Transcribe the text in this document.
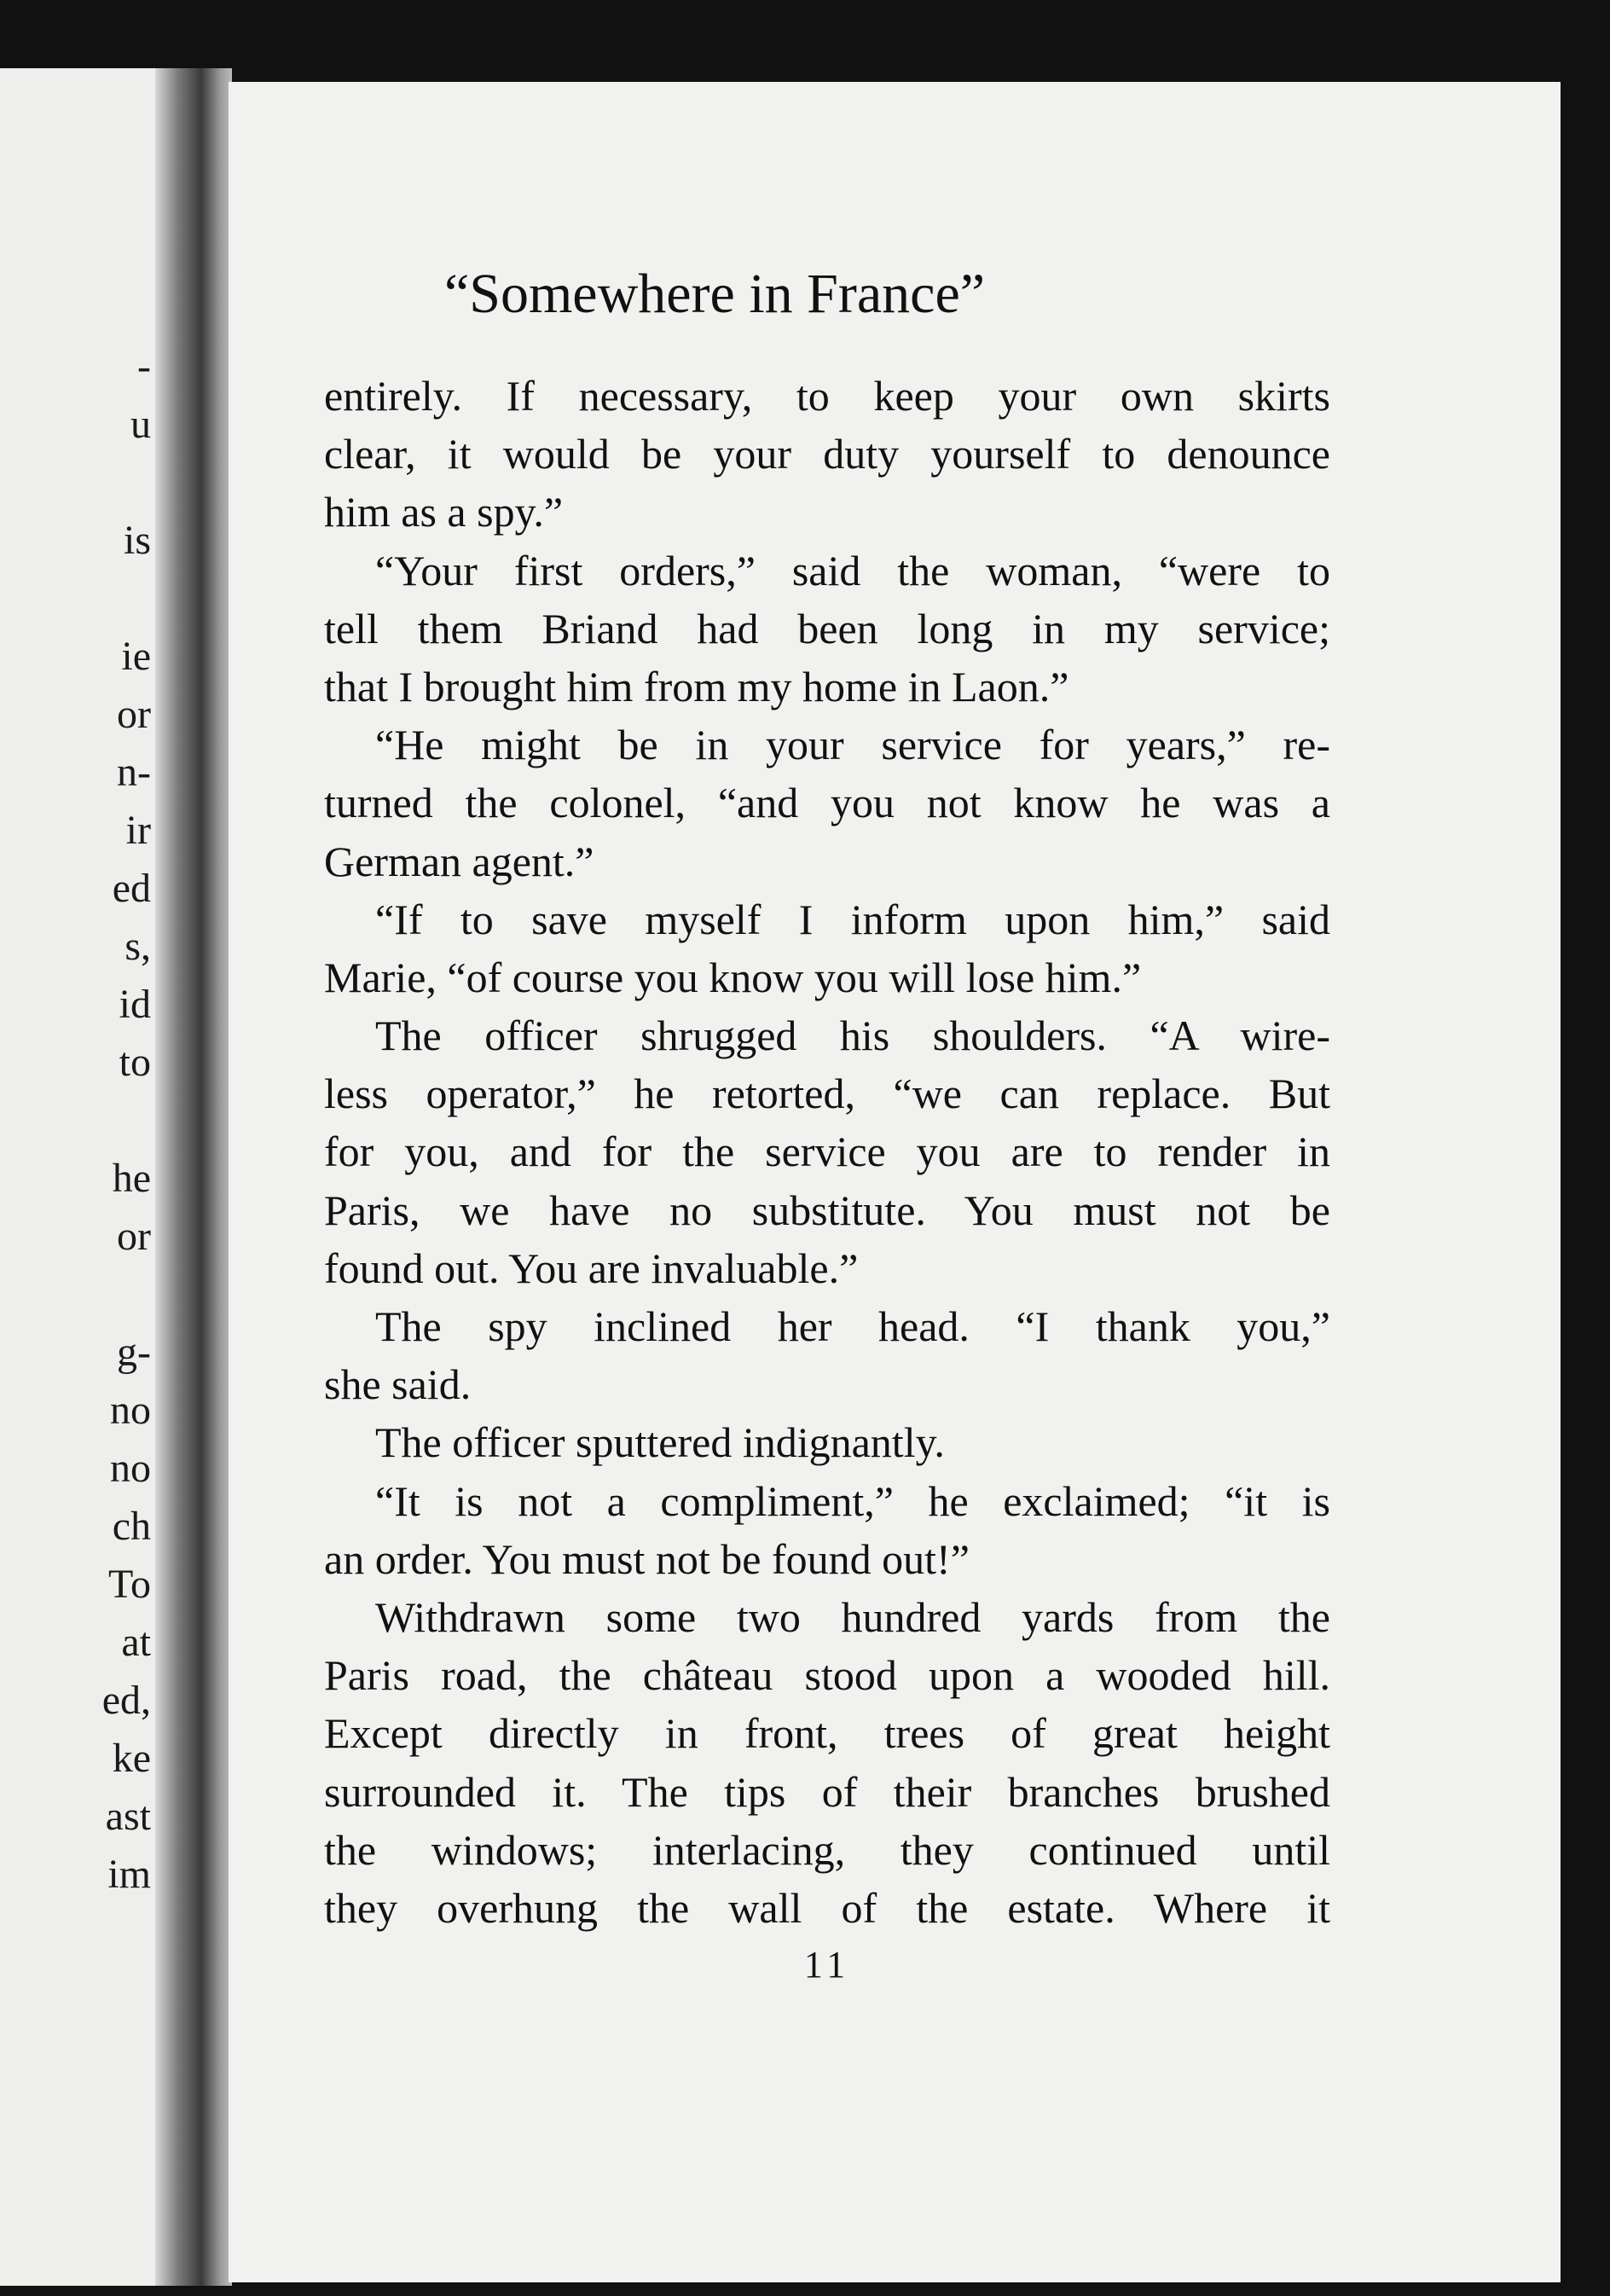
-
u
is
ie
or
n-
ir
ed
s,
id
to
he
or
g-
no
no
ch
To
at
ed,
ke
ast
im
“Somewhere in France”
entirely. If necessary, to keep your own skirts
clear, it would be your duty yourself to denounce
him as a spy.”
“Your first orders,” said the woman, “were to
tell them Briand had been long in my service;
that I brought him from my home in Laon.”
“He might be in your service for years,” re-
turned the colonel, “and you not know he was a
German agent.”
“If to save myself I inform upon him,” said
Marie, “of course you know you will lose him.”
The officer shrugged his shoulders. “A wire-
less operator,” he retorted, “we can replace. But
for you, and for the service you are to render in
Paris, we have no substitute. You must not be
found out. You are invaluable.”
The spy inclined her head. “I thank you,”
she said.
The officer sputtered indignantly.
“It is not a compliment,” he exclaimed; “it is
an order. You must not be found out!”
Withdrawn some two hundred yards from the
Paris road, the château stood upon a wooded hill.
Except directly in front, trees of great height
surrounded it. The tips of their branches brushed
the windows; interlacing, they continued until
they overhung the wall of the estate. Where it
11
